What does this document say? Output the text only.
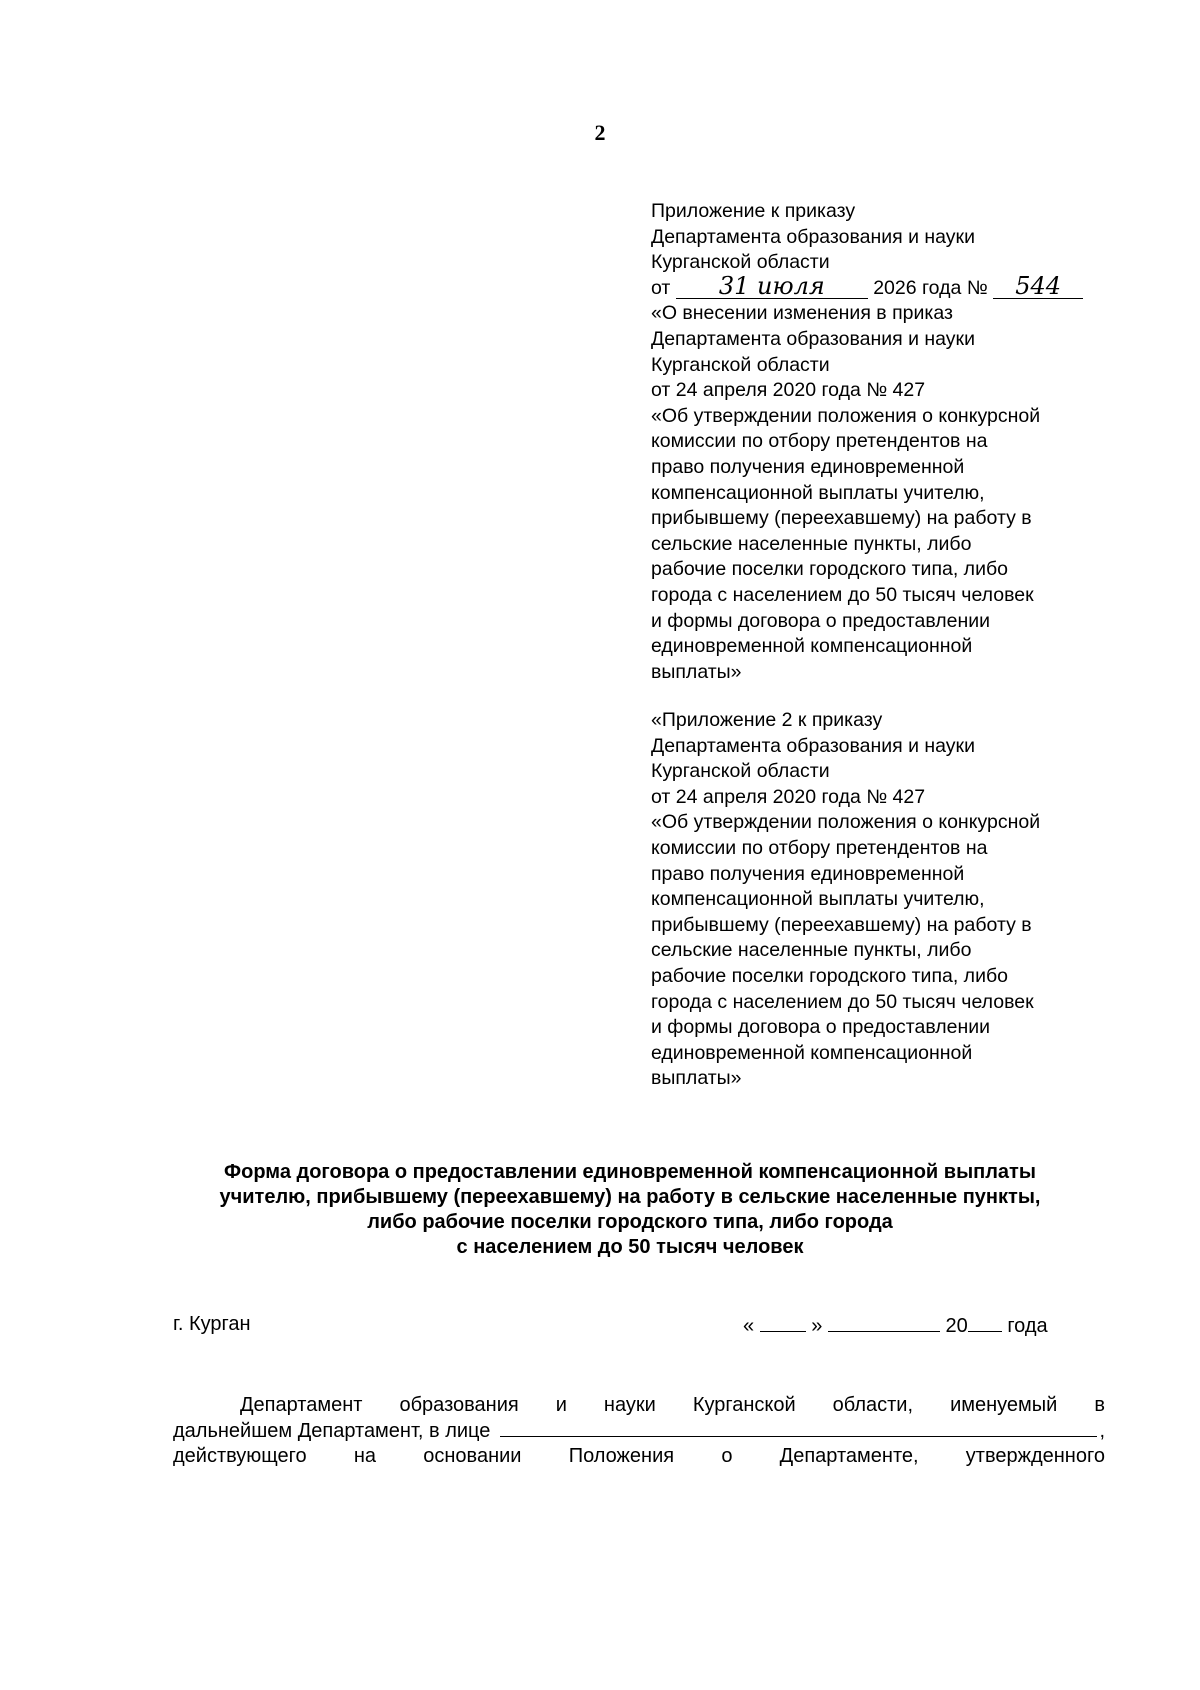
2
Приложение к приказу
Департамента образования и науки
Курганской области
от 31 июля 2026 года № 544
«О внесении изменения в приказ
Департамента образования и науки
Курганской области
от 24 апреля 2020 года № 427
«Об утверждении положения о конкурсной
комиссии по отбору претендентов на
право получения единовременной
компенсационной выплаты учителю,
прибывшему (переехавшему) на работу в
сельские населенные пункты, либо
рабочие поселки городского типа, либо
города с населением до 50 тысяч человек
и формы договора о предоставлении
единовременной компенсационной
выплаты»
«Приложение 2 к приказу
Департамента образования и науки
Курганской области
от 24 апреля 2020 года № 427
«Об утверждении положения о конкурсной
комиссии по отбору претендентов на
право получения единовременной
компенсационной выплаты учителю,
прибывшему (переехавшему) на работу в
сельские населенные пункты, либо
рабочие поселки городского типа, либо
города с населением до 50 тысяч человек
и формы договора о предоставлении
единовременной компенсационной
выплаты»
Форма договора о предоставлении единовременной компенсационной выплаты
учителю, прибывшему (переехавшему) на работу в сельские населенные пункты,
либо рабочие поселки городского типа, либо города
с населением до 50 тысяч человек
г. Курган	«	»	20 года
Департамент образования и науки Курганской области, именуемый в
дальнейшем Департамент, в лице	,
действующего на основании Положения о Департаменте, утвержденного
